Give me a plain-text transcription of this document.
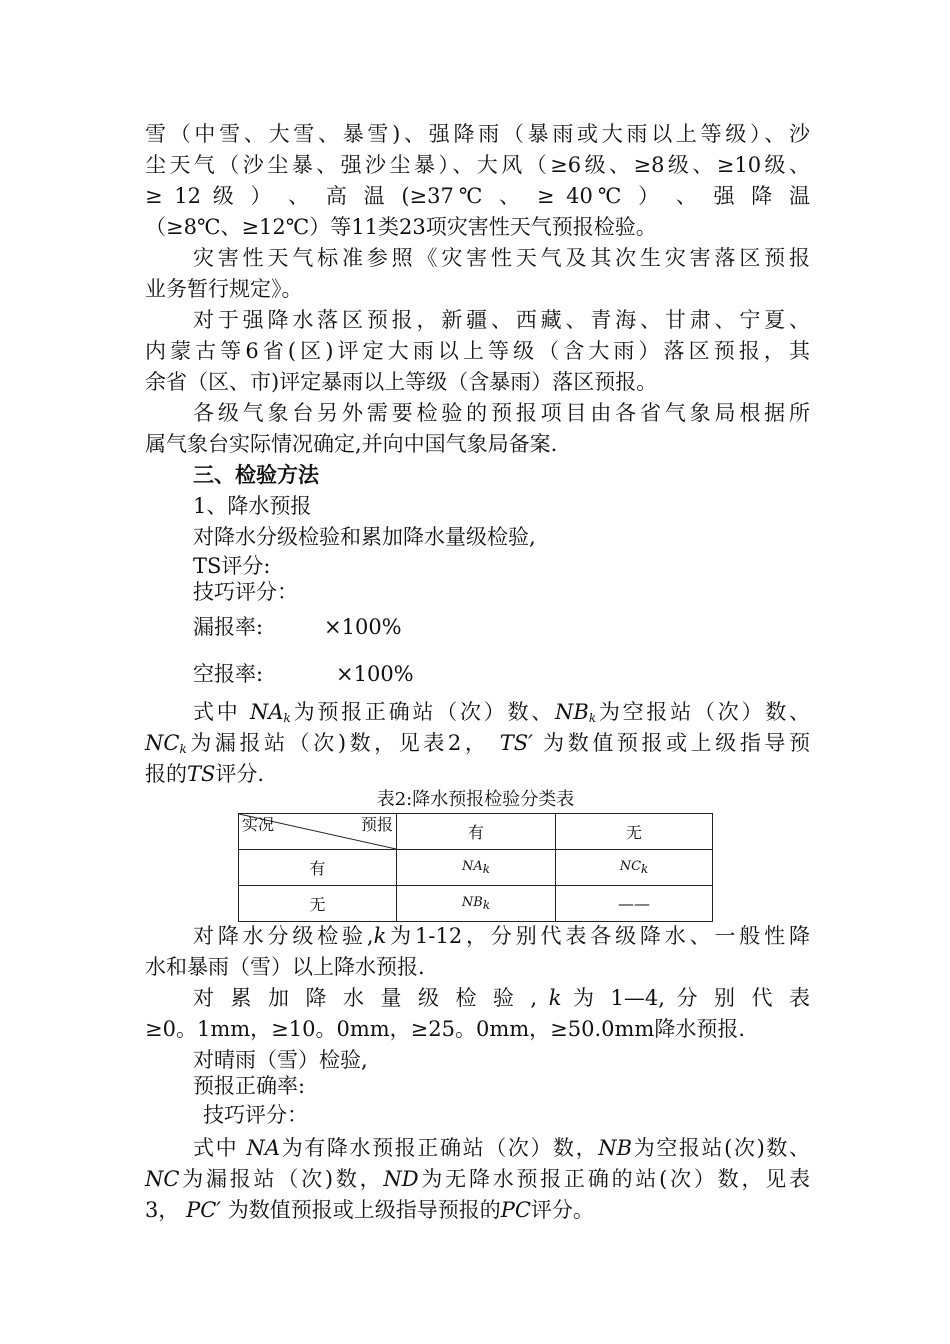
雪（中雪、大雪、暴雪)、强降雨（暴雨或大雨以上等级）、沙
尘天气（沙尘暴、强沙尘暴）、大风（≥6级、≥8级、≥10级、
≥ 12 级 ） 、 高 温 (≥37℃ 、 ≥ 40℃ ） 、 强 降 温
（≥8℃、≥12℃）等11类23项灾害性天气预报检验。
灾害性天气标准参照《灾害性天气及其次生灾害落区预报
业务暂行规定》。
对于强降水落区预报，新疆、西藏、青海、甘肃、宁夏、
内蒙古等6省(区)评定大雨以上等级（含大雨）落区预报，其
余省（区、市)评定暴雨以上等级（含暴雨）落区预报。
各级气象台另外需要检验的预报项目由各省气象局根据所
属气象台实际情况确定,并向中国气象局备案.
三、检验方法
1、降水预报
对降水分级检验和累加降水量级检验,
TS评分:
技巧评分：
漏报率:	×100%
空报率:	×100%
式中 $NA_k$为预报正确站（次）数、$NB_k$为空报站（次）数、
$NC_k$为漏报站（次)数，见表2， TS′ 为数值预报或上级指导预
报的TS评分.
表2:降水预报检验分类表
实况 预报	有	无
有	$NA_k$	$NC_k$
无	$NB_k$	——
对降水分级检验,k为1-12，分别代表各级降水、一般性降
水和暴雨（雪）以上降水预报.
对 累 加 降 水 量 级 检 验 , k 为 1—4, 分 别 代 表
≥0。1mm，≥10。0mm，≥25。0mm，≥50.0mm降水预报.
对晴雨（雪）检验,
预报正确率:
技巧评分：
式中 NA为有降水预报正确站（次）数，NB为空报站(次)数、
NC为漏报站（次)数，ND为无降水预报正确的站(次）数，见表
3， PC′ 为数值预报或上级指导预报的PC评分。
